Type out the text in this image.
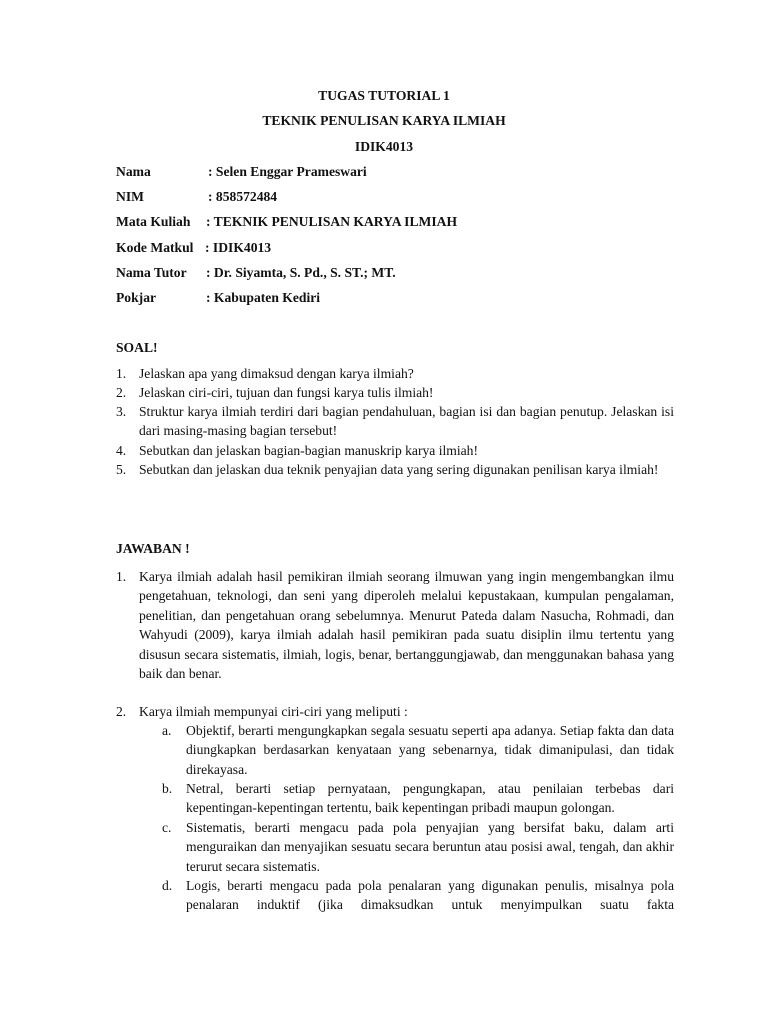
TUGAS TUTORIAL 1
TEKNIK PENULISAN KARYA ILMIAH
IDIK4013
Nama	: Selen Enggar Prameswari
NIM	: 858572484
Mata Kuliah : TEKNIK PENULISAN KARYA ILMIAH
Kode Matkul : IDIK4013
Nama Tutor : Dr. Siyamta, S. Pd., S. ST.; MT.
Pokjar	: Kabupaten Kediri
SOAL!
1. Jelaskan apa yang dimaksud dengan karya ilmiah?
2. Jelaskan ciri-ciri, tujuan dan fungsi karya tulis ilmiah!
3. Struktur karya ilmiah terdiri dari bagian pendahuluan, bagian isi dan bagian penutup. Jelaskan isi dari masing-masing bagian tersebut!
4. Sebutkan dan jelaskan bagian-bagian manuskrip karya ilmiah!
5. Sebutkan dan jelaskan dua teknik penyajian data yang sering digunakan penilisan karya ilmiah!
JAWABAN !
1. Karya ilmiah adalah hasil pemikiran ilmiah seorang ilmuwan yang ingin mengembangkan ilmu pengetahuan, teknologi, dan seni yang diperoleh melalui kepustakaan, kumpulan pengalaman, penelitian, dan pengetahuan orang sebelumnya. Menurut Pateda dalam Nasucha, Rohmadi, dan Wahyudi (2009), karya ilmiah adalah hasil pemikiran pada suatu disiplin ilmu tertentu yang disusun secara sistematis, ilmiah, logis, benar, bertanggungjawab, dan menggunakan bahasa yang baik dan benar.
2. Karya ilmiah mempunyai ciri-ciri yang meliputi :
a. Objektif, berarti mengungkapkan segala sesuatu seperti apa adanya. Setiap fakta dan data diungkapkan berdasarkan kenyataan yang sebenarnya, tidak dimanipulasi, dan tidak direkayasa.
b. Netral, berarti setiap pernyataan, pengungkapan, atau penilaian terbebas dari kepentingan-kepentingan tertentu, baik kepentingan pribadi maupun golongan.
c. Sistematis, berarti mengacu pada pola penyajian yang bersifat baku, dalam arti menguraikan dan menyajikan sesuatu secara beruntun atau posisi awal, tengah, dan akhir terurut secara sistematis.
d. Logis, berarti mengacu pada pola penalaran yang digunakan penulis, misalnya pola penalaran induktif (jika dimaksudkan untuk menyimpulkan suatu fakta
